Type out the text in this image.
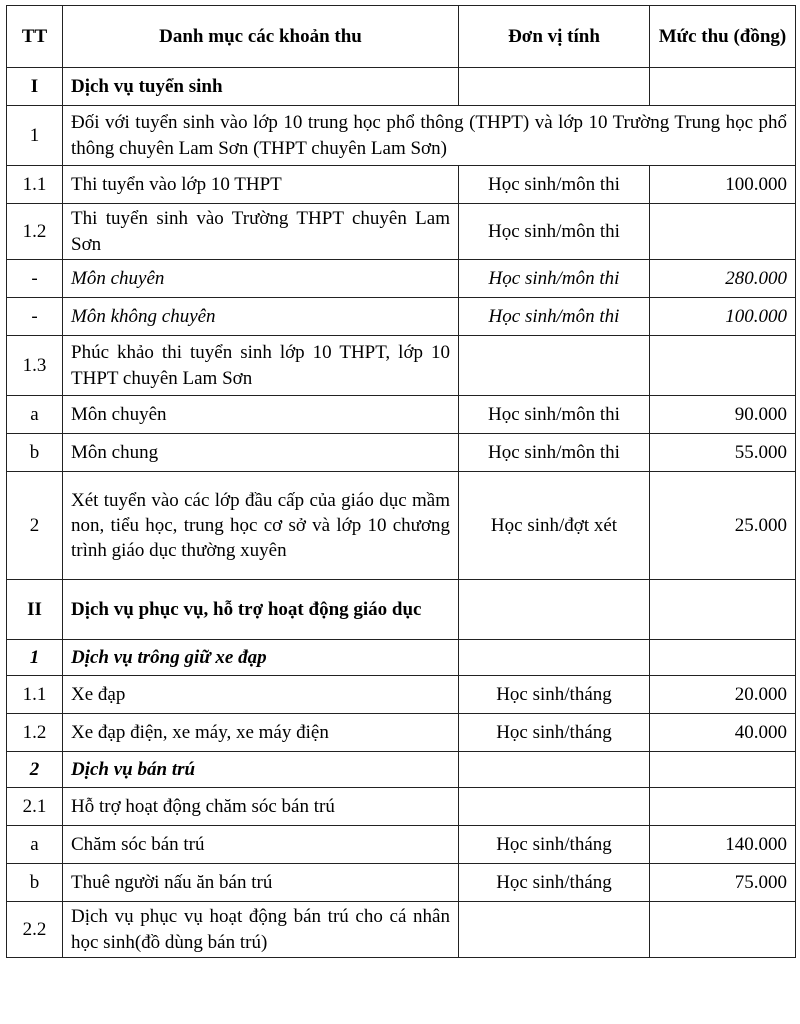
TT	Danh mục các khoản thu	Đơn vị tính	Mức thu (đồng)
I	Dịch vụ tuyển sinh		
1	Đối với tuyển sinh vào lớp 10 trung học phổ thông (THPT) và lớp 10 Trường Trung học phổ thông chuyên Lam Sơn (THPT chuyên Lam Sơn)		
1.1	Thi tuyển vào lớp 10 THPT	Học sinh/môn thi	100.000
1.2	Thi tuyển sinh vào Trường THPT chuyên Lam Sơn	Học sinh/môn thi	
-	Môn chuyên	Học sinh/môn thi	280.000
-	Môn không chuyên	Học sinh/môn thi	100.000
1.3	Phúc khảo thi tuyển sinh lớp 10 THPT, lớp 10 THPT chuyên Lam Sơn		
a	Môn chuyên	Học sinh/môn thi	90.000
b	Môn chung	Học sinh/môn thi	55.000
2	Xét tuyển vào các lớp đầu cấp của giáo dục mầm non, tiểu học, trung học cơ sở và lớp 10 chương trình giáo dục thường xuyên	Học sinh/đợt xét	25.000
II	Dịch vụ phục vụ, hỗ trợ hoạt động giáo dục		
1	Dịch vụ trông giữ xe đạp		
1.1	Xe đạp	Học sinh/tháng	20.000
1.2	Xe đạp điện, xe máy, xe máy điện	Học sinh/tháng	40.000
2	Dịch vụ bán trú		
2.1	Hỗ trợ hoạt động chăm sóc bán trú		
a	Chăm sóc bán trú	Học sinh/tháng	140.000
b	Thuê người nấu ăn bán trú	Học sinh/tháng	75.000
2.2	Dịch vụ phục vụ hoạt động bán trú cho cá nhân học sinh(đồ dùng bán trú)		
